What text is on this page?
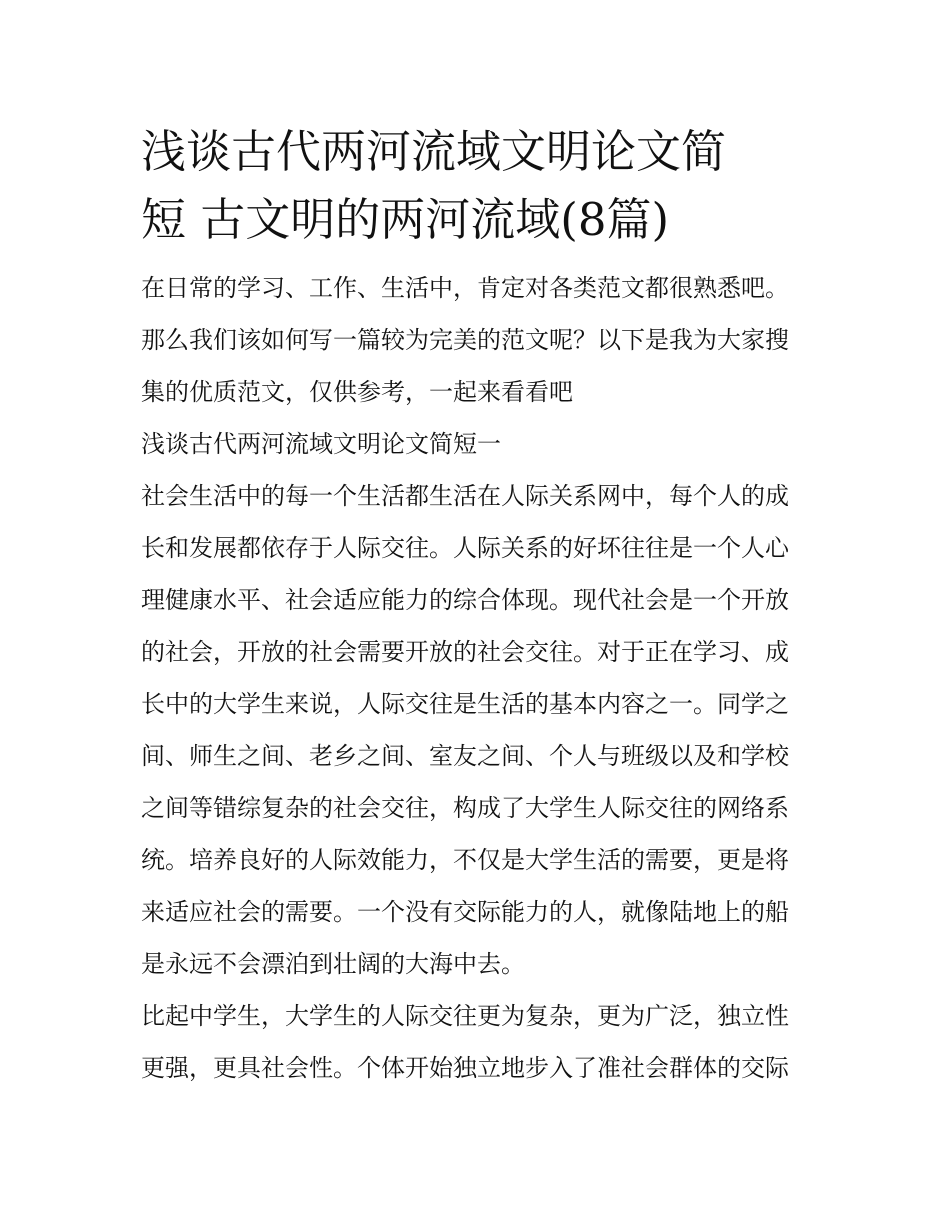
浅谈古代两河流域文明论文简
短 古文明的两河流域(8篇)

在日常的学习、工作、生活中，肯定对各类范文都很熟悉吧。
那么我们该如何写一篇较为完美的范文呢？以下是我为大家搜
集的优质范文，仅供参考，一起来看看吧

浅谈古代两河流域文明论文简短一

社会生活中的每一个生活都生活在人际关系网中，每个人的成
长和发展都依存于人际交往。人际关系的好坏往往是一个人心
理健康水平、社会适应能力的综合体现。现代社会是一个开放
的社会，开放的社会需要开放的社会交往。对于正在学习、成
长中的大学生来说，人际交往是生活的基本内容之一。同学之
间、师生之间、老乡之间、室友之间、个人与班级以及和学校
之间等错综复杂的社会交往，构成了大学生人际交往的网络系
统。培养良好的人际效能力，不仅是大学生活的需要，更是将
来适应社会的需要。一个没有交际能力的人，就像陆地上的船
是永远不会漂泊到壮阔的大海中去。

比起中学生，大学生的人际交往更为复杂，更为广泛，独立性
更强，更具社会性。个体开始独立地步入了准社会群体的交际
